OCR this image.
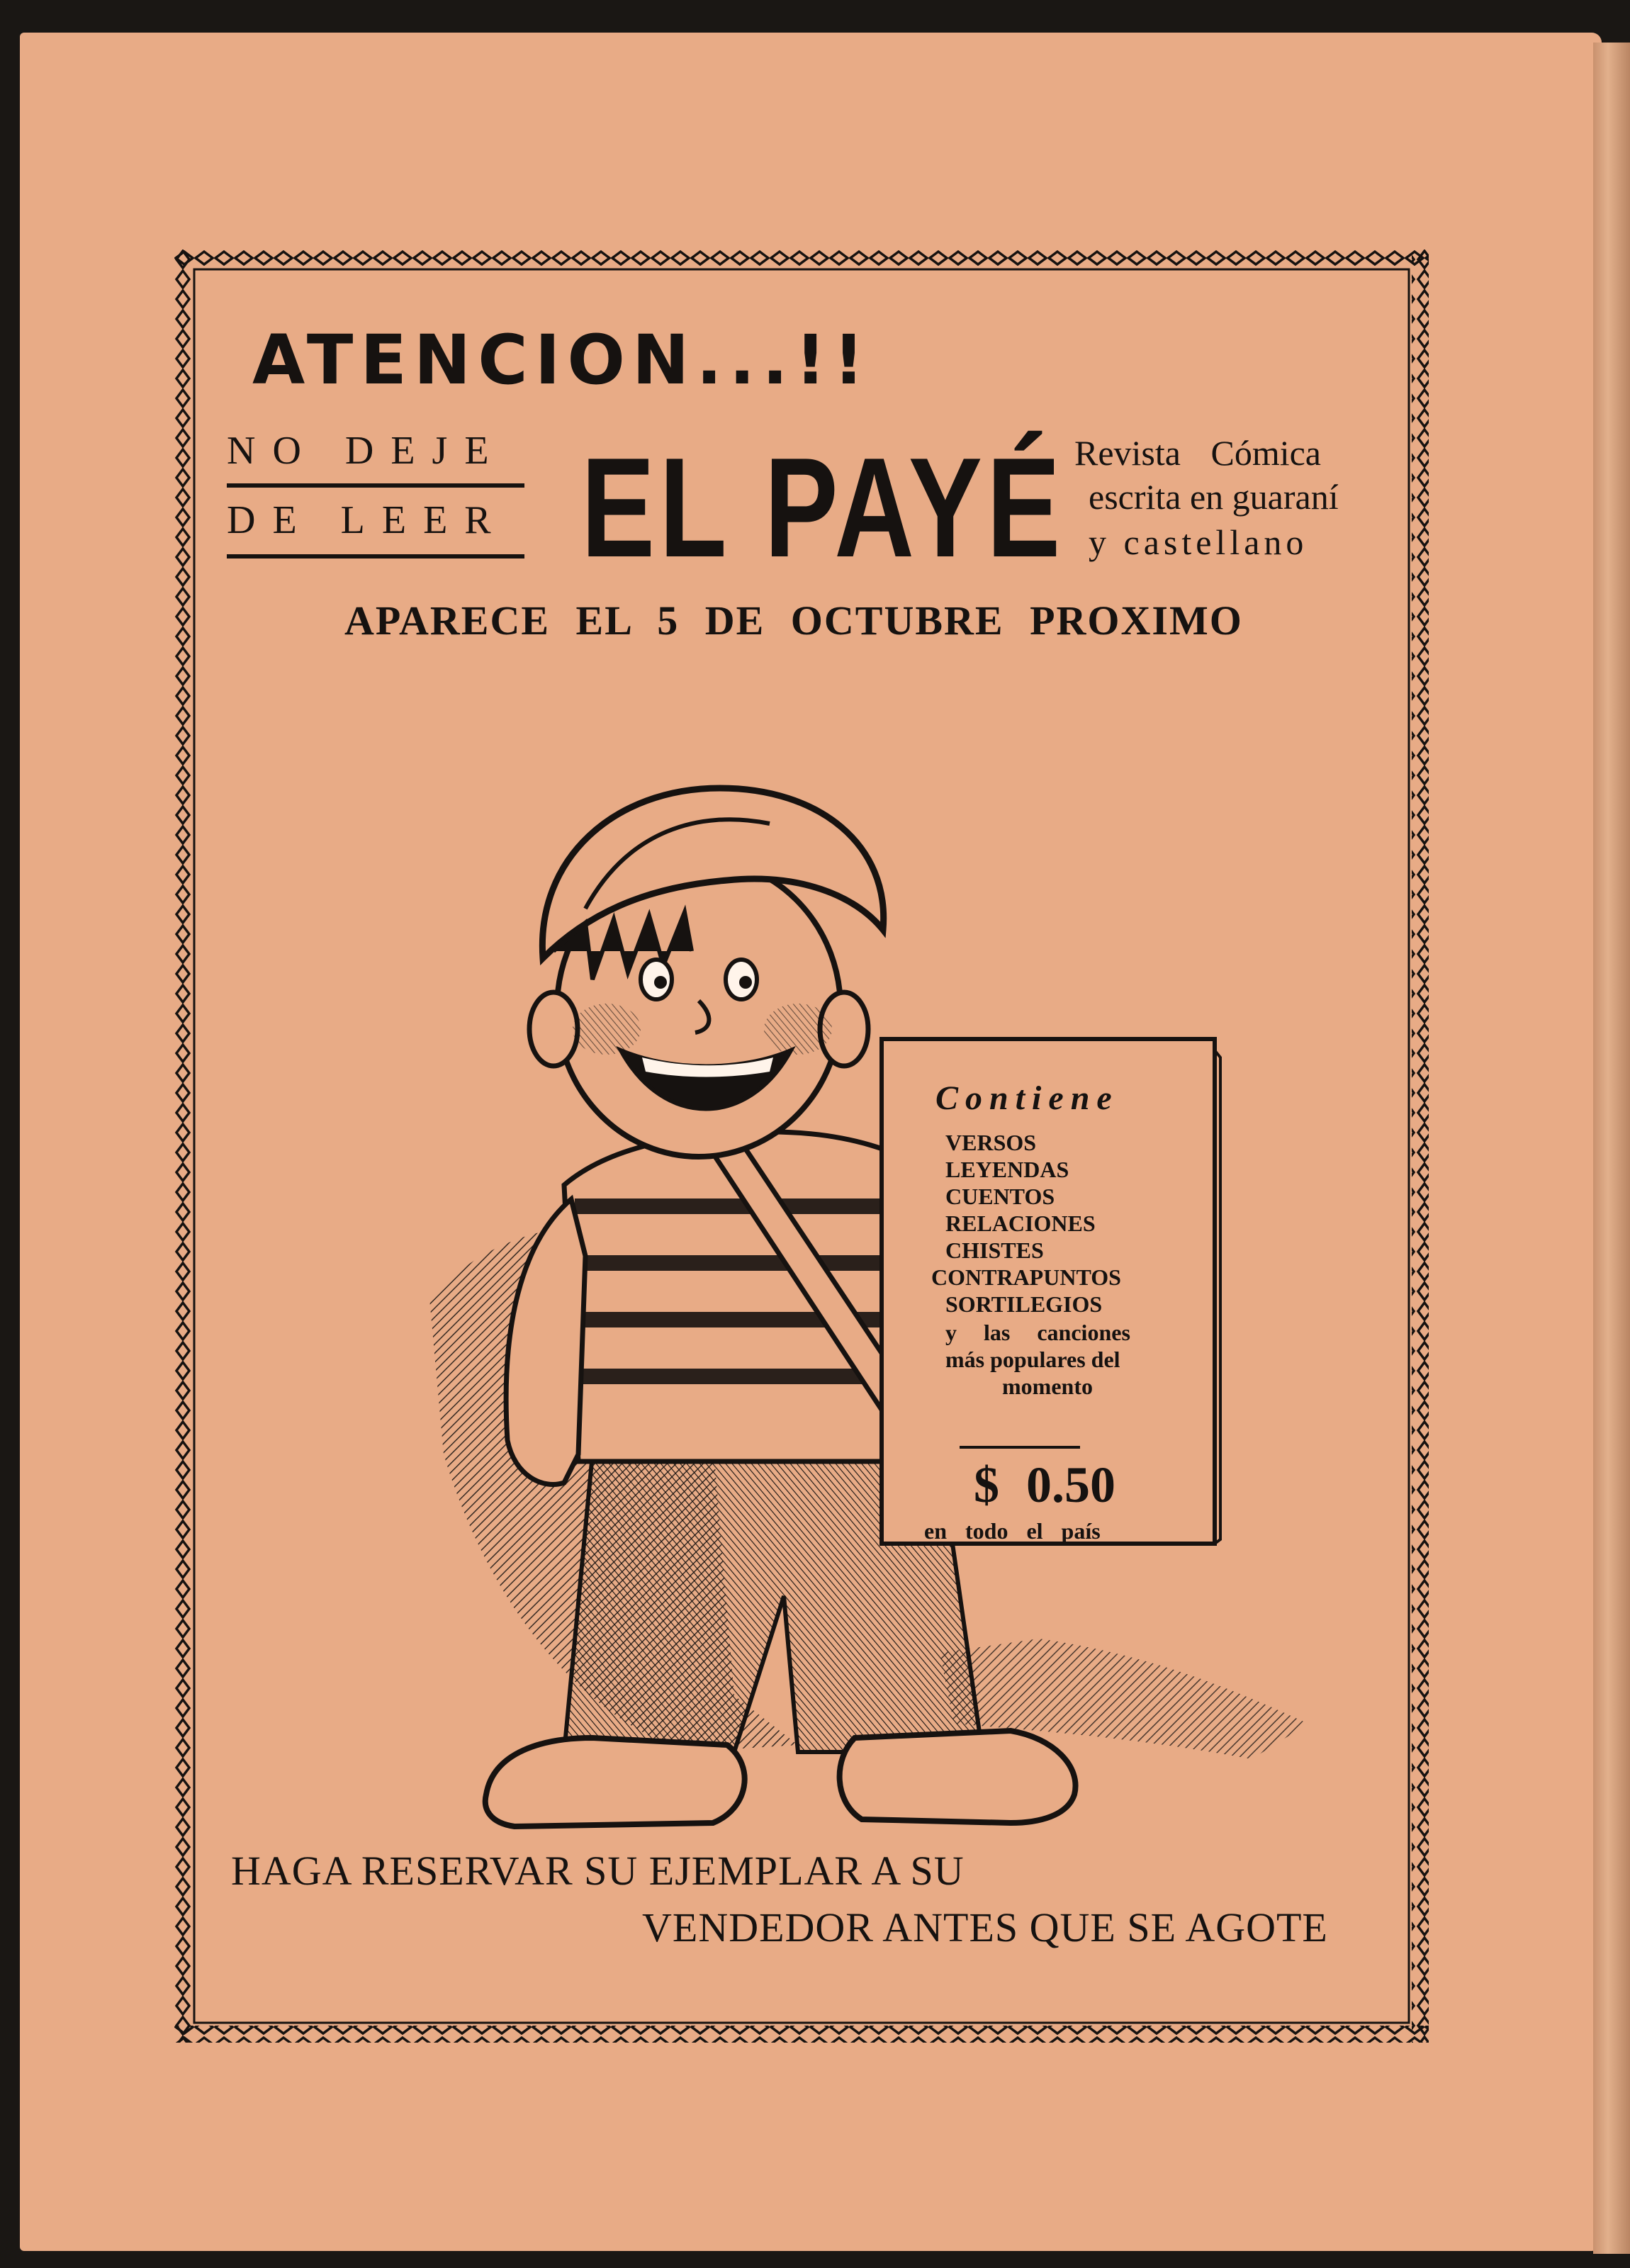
ATENCION...!!
NO DEJE
DE LEER EL PAYÉ Revista Cómica
escrita en guaraní
y castellano
APARECE EL 5 DE OCTUBRE PROXIMO
Contiene
VERSOS
LEYENDAS
CUENTOS
RELACIONES
CHISTES
CONTRAPUNTOS
SORTILEGIOS
y las canciones
más populares del
momento
$ 0.50
en todo el país
HAGA RESERVAR SU EJEMPLAR A SU
VENDEDOR ANTES QUE SE AGOTE
